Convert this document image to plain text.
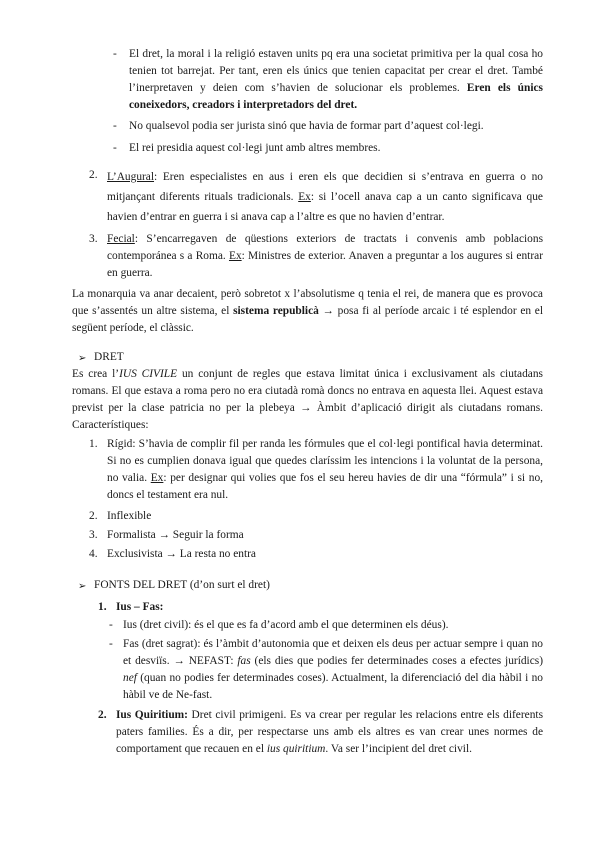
-	El dret, la moral i la religió estaven units pq era una societat primitiva per la qual cosa ho tenien tot barrejat. Per tant, eren els únics que tenien capacitat per crear el dret. També l’inerpretaven y deien com s’havien de solucionar els problemes. Eren els únics coneixedors, creadors i interpretadors del dret.

-	No qualsevol podia ser jurista sinó que havia de formar part d’aquest col·legi.

-	El rei presidia aquest col·legi junt amb altres membres.

2. L’Augural: Eren especialistes en aus i eren els que decidien si s’entrava en guerra o no mitjançant diferents rituals tradicionals. Ex: si l’ocell anava cap a un canto significava que havien d’entrar en guerra i si anava cap a l’altre es que no havien d’entrar.

3. Fecial: S’encarregaven de qüestions exteriors de tractats i convenis amb poblacions contemporánea s a Roma. Ex: Ministres de exterior. Anaven a preguntar a los augures si entrar en guerra.

La monarquia va anar decaient, però sobretot x l’absolutisme q tenia el rei, de manera que es provoca que s’assentés un altre sistema, el sistema republicà → posa fi al període arcaic i té esplendor en el següent període, el clàssic.

➢ DRET

Es crea l’IUS CIVILE un conjunt de regles que estava limitat única i exclusivament als ciutadans romans. El que estava a roma pero no era ciutadà romà doncs no entrava en aquesta llei. Aquest estava previst per la clase patricia no per la plebeya → Àmbit d’aplicació dirigit als ciutadans romans. Característiques:

1. Rígid: S’havia de complir fil per randa les fórmules que el col·legi pontifical havia determinat. Si no es cumplien donava igual que quedes claríssim les intencions i la voluntat de la persona, no valia. Ex: per designar qui volies que fos el seu hereu havies de dir una “fórmula” i si no, doncs el testament era nul.

2. Inflexible

3. Formalista → Seguir la forma

4. Exclusivista → La resta no entra

➢ FONTS DEL DRET (d’on surt el dret)

1. Ius – Fas:

- Ius (dret civil): és el que es fa d’acord amb el que determinen els déus).

- Fas (dret sagrat): és l’àmbit d’autonomia que et deixen els deus per actuar sempre i quan no et desviïs. → NEFAST: fas (els dies que podies fer determinades coses a efectes jurídics) nef (quan no podies fer determinades coses). Actualment, la diferenciació del dia hàbil i no hàbil ve de Ne-fast.

2. Ius Quiritium: Dret civil primigeni. Es va crear per regular les relacions entre els diferents paters families. És a dir, per respectarse uns amb els altres es van crear unes normes de comportament que recauen en el ius quiritium. Va ser l’incipient del dret civil.
